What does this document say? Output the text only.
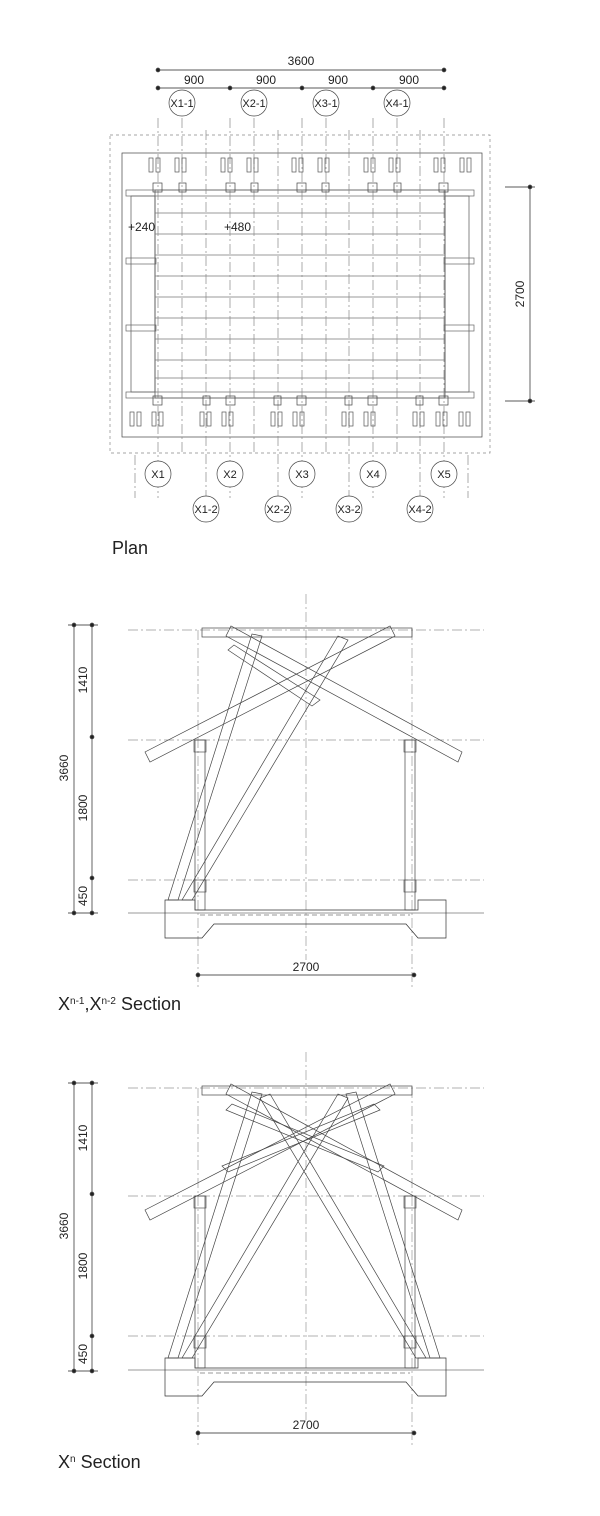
3600
900	900	900	900
+240	+480
2700
X1-1	X2-1	X3-1	X4-1
X1	X2	X3	X4	X5
X1-2	X2-2	X3-2	X4-2
3660
1410
1800
450
2700
3660
1410
1800
450
2700
Plan
$X_{n-1},X_{n-2}$ Section
$X_n$ Section
